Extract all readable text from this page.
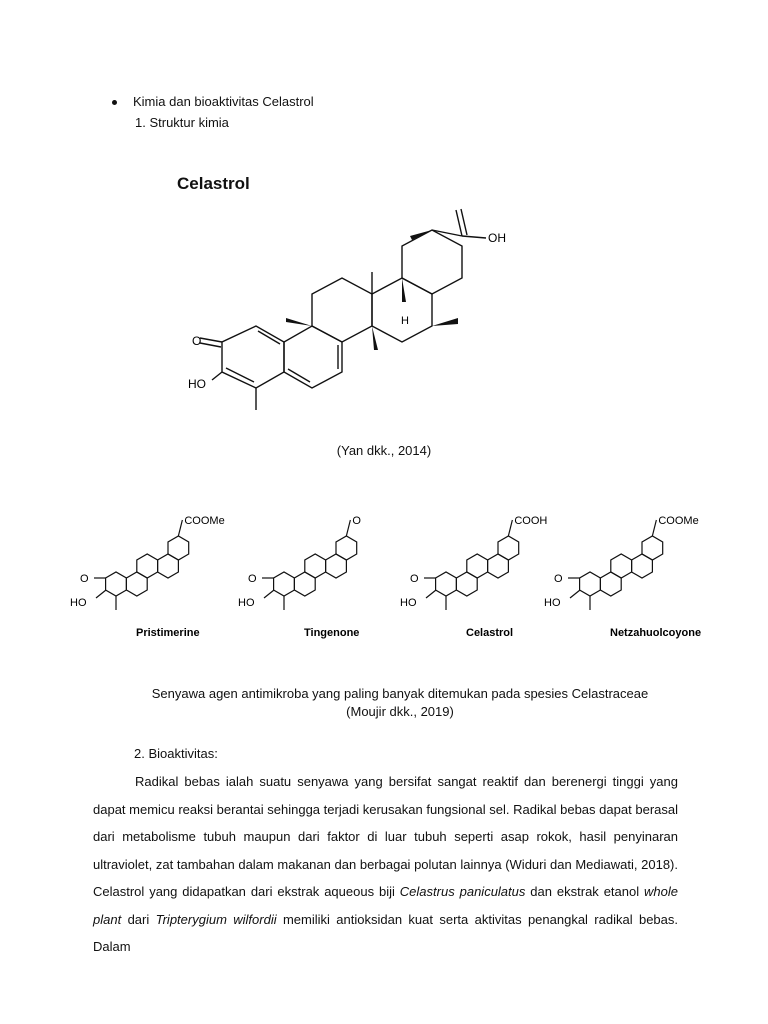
Kimia dan bioaktivitas Celastrol
1. Struktur kimia
Celastrol
O
HO
OH
H
(Yan dkk., 2014)
O
HO
COOMe
Pristimerine
O
HO
O
Tingenone
O
HO
COOH
Celastrol
O
HO
COOMe
Netzahuolcoyone
Senyawa agen antimikroba yang paling banyak ditemukan pada spesies Celastraceae (Moujir dkk., 2019)
2. Bioaktivitas:

Radikal bebas ialah suatu senyawa yang bersifat sangat reaktif dan berenergi tinggi yang dapat memicu reaksi berantai sehingga terjadi kerusakan fungsional sel. Radikal bebas dapat berasal dari metabolisme tubuh maupun dari faktor di luar tubuh seperti asap rokok, hasil penyinaran ultraviolet, zat tambahan dalam makanan dan berbagai polutan lainnya (Widuri dan Mediawati, 2018). Celastrol yang didapatkan dari ekstrak aqueous biji Celastrus paniculatus dan ekstrak etanol whole plant dari Tripterygium wilfordii memiliki antioksidan kuat serta aktivitas penangkal radikal bebas. Dalam
